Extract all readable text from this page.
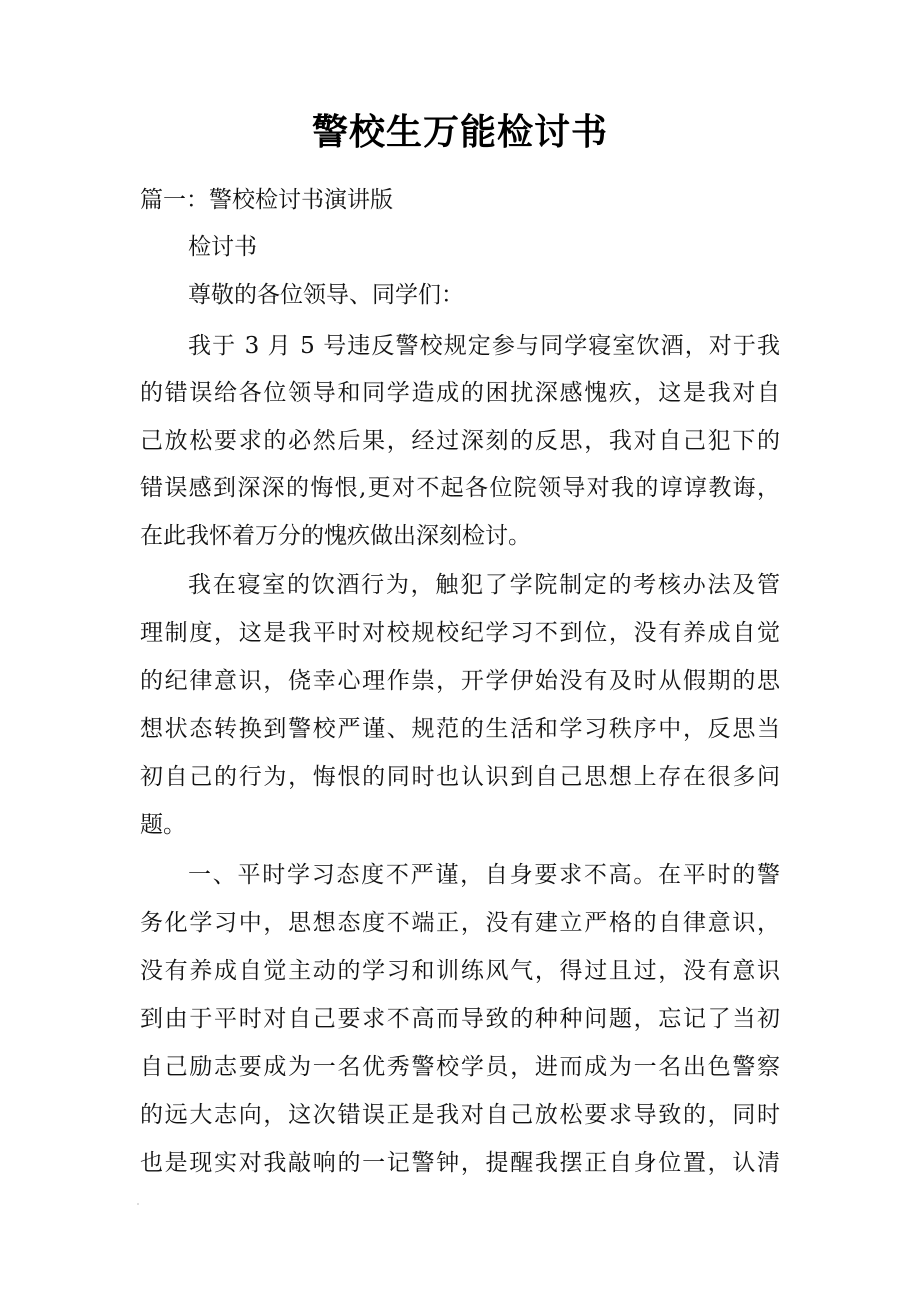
警校生万能检讨书
篇一：警校检讨书演讲版
检讨书
尊敬的各位领导、同学们：
我于 3 月 5 号违反警校规定参与同学寝室饮酒，对于我
的错误给各位领导和同学造成的困扰深感愧疚，这是我对自
己放松要求的必然后果，经过深刻的反思，我对自己犯下的
错误感到深深的悔恨,更对不起各位院领导对我的谆谆教诲，
在此我怀着万分的愧疚做出深刻检讨。
我在寝室的饮酒行为，触犯了学院制定的考核办法及管
理制度，这是我平时对校规校纪学习不到位，没有养成自觉
的纪律意识，侥幸心理作祟，开学伊始没有及时从假期的思
想状态转换到警校严谨、规范的生活和学习秩序中，反思当
初自己的行为，悔恨的同时也认识到自己思想上存在很多问
题。
一、平时学习态度不严谨，自身要求不高。在平时的警
务化学习中，思想态度不端正，没有建立严格的自律意识，
没有养成自觉主动的学习和训练风气，得过且过，没有意识
到由于平时对自己要求不高而导致的种种问题，忘记了当初
自己励志要成为一名优秀警校学员，进而成为一名出色警察
的远大志向，这次错误正是我对自己放松要求导致的，同时
也是现实对我敲响的一记警钟，提醒我摆正自身位置，认清
